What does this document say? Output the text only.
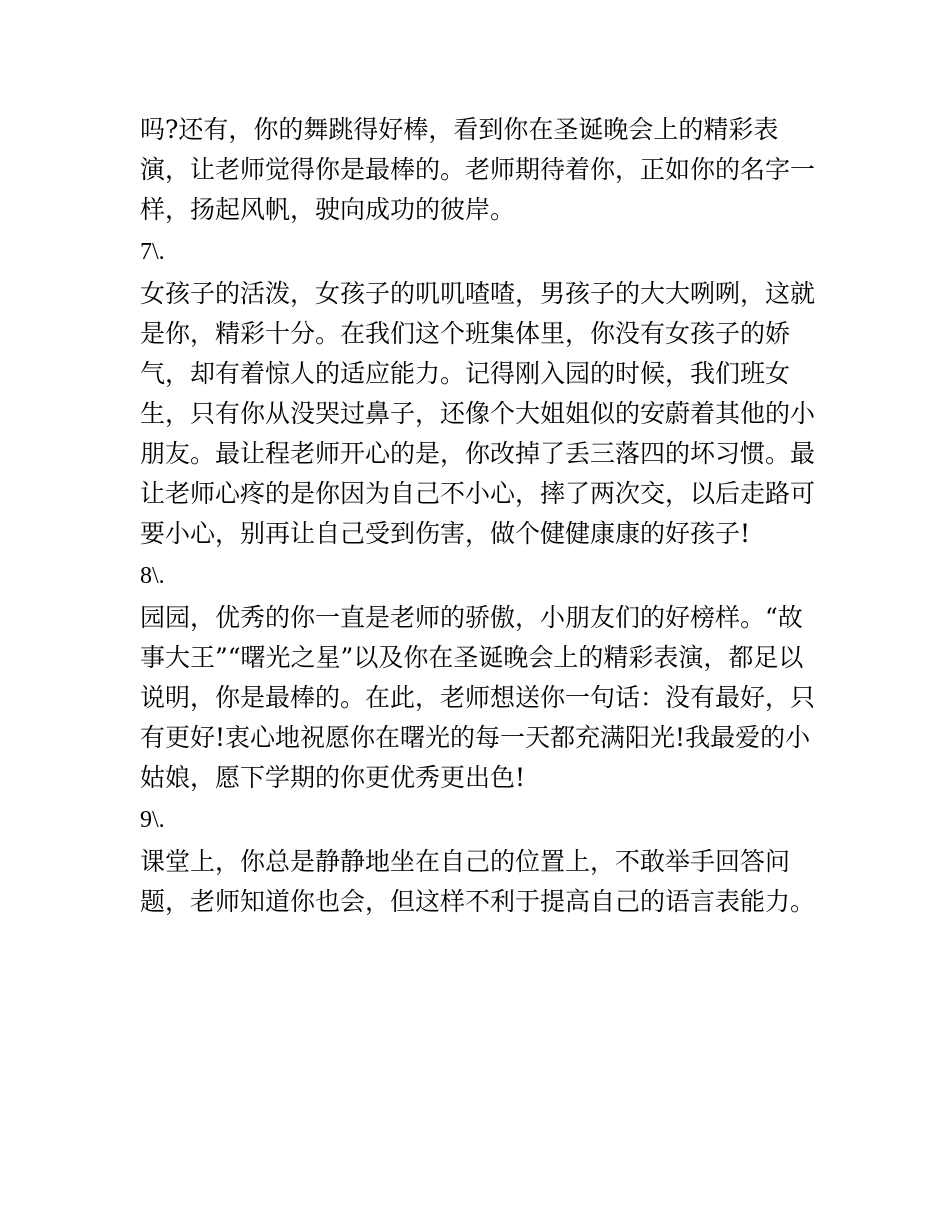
吗?还有，你的舞跳得好棒，看到你在圣诞晚会上的精彩表
演，让老师觉得你是最棒的。老师期待着你，正如你的名字一
样，扬起风帆，驶向成功的彼岸。
7\.
女孩子的活泼，女孩子的叽叽喳喳，男孩子的大大咧咧，这就
是你，精彩十分。在我们这个班集体里，你没有女孩子的娇
气，却有着惊人的适应能力。记得刚入园的时候，我们班女
生，只有你从没哭过鼻子，还像个大姐姐似的安蔚着其他的小
朋友。最让程老师开心的是，你改掉了丢三落四的坏习惯。最
让老师心疼的是你因为自己不小心，摔了两次交，以后走路可
要小心，别再让自己受到伤害，做个健健康康的好孩子!
8\.
园园，优秀的你一直是老师的骄傲，小朋友们的好榜样。“故
事大王”“曙光之星”以及你在圣诞晚会上的精彩表演，都足以
说明，你是最棒的。在此，老师想送你一句话：没有最好，只
有更好!衷心地祝愿你在曙光的每一天都充满阳光!我最爱的小
姑娘，愿下学期的你更优秀更出色!
9\.
课堂上，你总是静静地坐在自己的位置上，不敢举手回答问
题，老师知道你也会，但这样不利于提高自己的语言表能力。
